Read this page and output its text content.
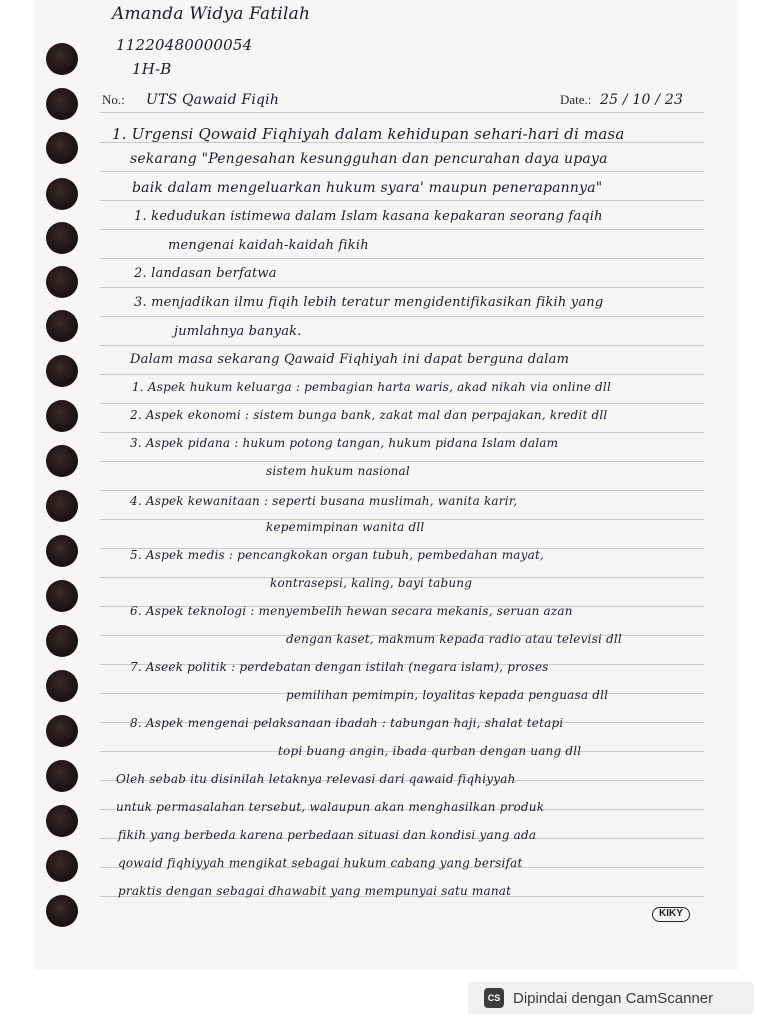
Amanda Widya Fatilah
11220480000054
1H-B
No.: UTS Qawaid Fiqih	Date.: 25 / 10 / 23
1. Urgensi Qowaid Fiqhiyah dalam kehidupan sehari-hari di masa
sekarang "Pengesahan kesungguhan dan pencurahan daya upaya
baik dalam mengeluarkan hukum syara' maupun penerapannya"
1. kedudukan istimewa dalam Islam kasana kepakaran seorang faqih
mengenai kaidah-kaidah fikih
2. landasan berfatwa
3. menjadikan ilmu fiqih lebih teratur mengidentifikasikan fikih yang
jumlahnya banyak.
Dalam masa sekarang Qawaid Fiqhiyah ini dapat berguna dalam
1. Aspek hukum keluarga : pembagian harta waris, akad nikah via online dll
2. Aspek ekonomi : sistem bunga bank, zakat mal dan perpajakan, kredit dll
3. Aspek pidana : hukum potong tangan, hukum pidana Islam dalam
sistem hukum nasional
4. Aspek kewanitaan : seperti busana muslimah, wanita karir,
kepemimpinan wanita dll
5. Aspek medis : pencangkokan organ tubuh, pembedahan mayat,
kontrasepsi, kaling, bayi tabung
6. Aspek teknologi : menyembelih hewan secara mekanis, seruan azan
dengan kaset, makmum kepada radio atau televisi dll
7. Aseek politik : perdebatan dengan istilah (negara islam), proses
pemilihan pemimpin, loyalitas kepada penguasa dll
8. Aspek mengenai pelaksanaan ibadah : tabungan haji, shalat tetapi
topi buang angin, ibada qurban dengan uang dll
Oleh sebab itu disinilah letaknya relevasi dari qawaid fiqhiyyah
untuk permasalahan tersebut, walaupun akan menghasilkan produk
fikih yang berbeda karena perbedaan situasi dan kondisi yang ada
qowaid fiqhiyyah mengikat sebagai hukum cabang yang bersifat
praktis dengan sebagai dhawabit yang mempunyai satu manat
KIKY
CS Dipindai dengan CamScanner
